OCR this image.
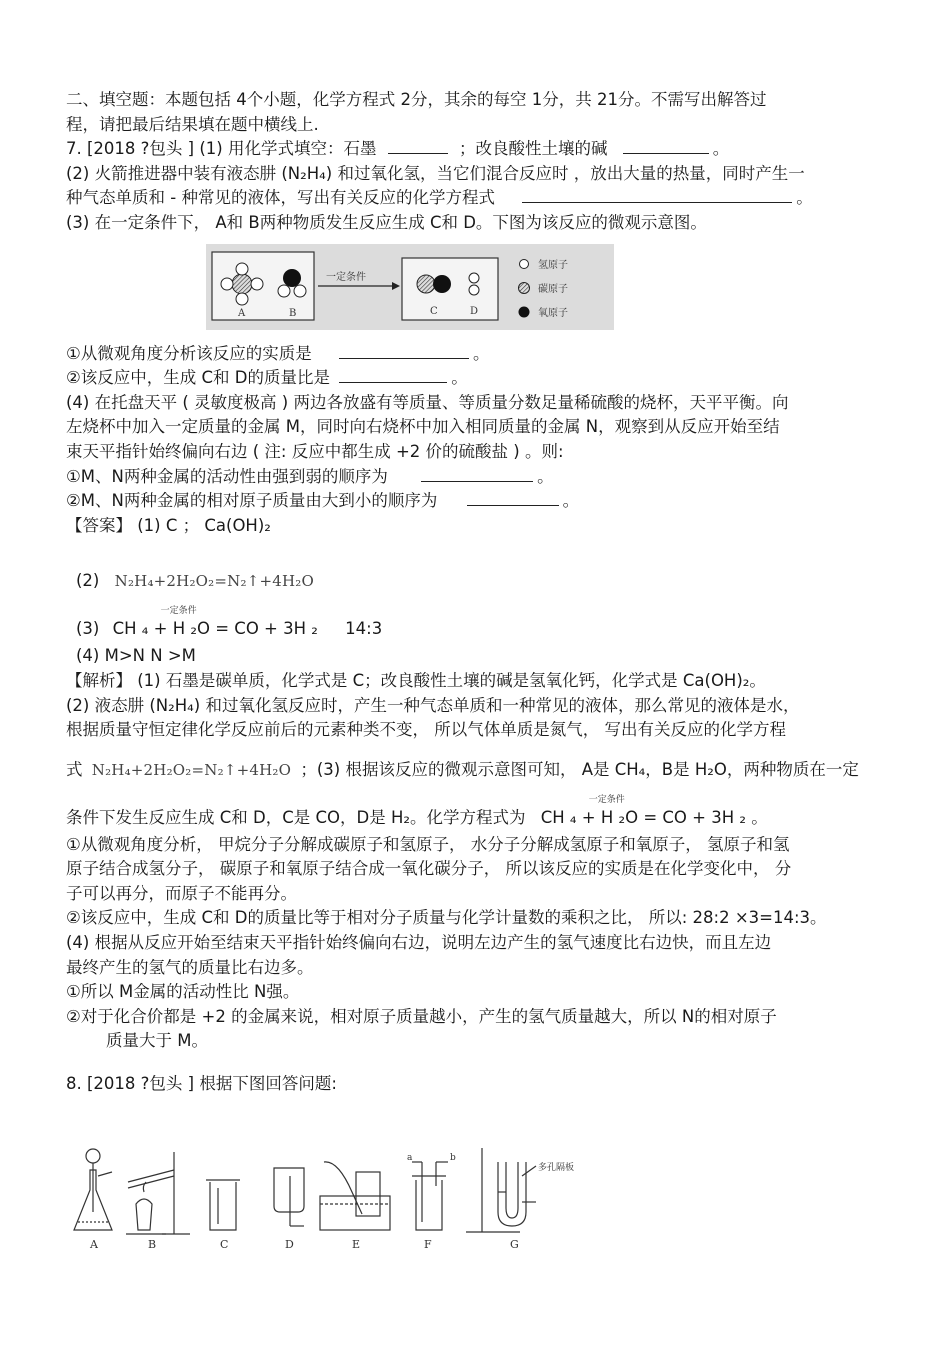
二、填空题：本题包括 4个小题，化学方程式 2分，其余的每空 1分，共 21分。不需写出解答过
程，请把最后结果填在题中横线上.
7. [2018 ?包头 ] (1) 用化学式填空：石墨	；改良酸性土壤的碱	。
(2) 火箭推进器中装有液态肼 (N₂H₄) 和过氧化氢，当它们混合反应时 ，放出大量的热量，同时产生一
种气态单质和 - 种常见的液体，写出有关反应的化学方程式	。
(3) 在一定条件下， A和 B两种物质发生反应生成 C和 D。下图为该反应的微观示意图。
①从微观角度分析该反应的实质是	。
②该反应中，生成 C和 D的质量比是	。
(4) 在托盘天平 ( 灵敏度极高 ) 两边各放盛有等质量、等质量分数足量稀硫酸的烧杯，天平平衡。向
左烧杯中加入一定质量的金属 M，同时向右烧杯中加入相同质量的金属 N，观察到从反应开始至结
束天平指针始终偏向右边 ( 注: 反应中都生成 +2 价的硫酸盐 ) 。则:
①M、N两种金属的活动性由强到弱的顺序为	。
②M、N两种金属的相对原子质量由大到小的顺序为	。
【答案】 (1) C ； Ca(OH)₂
(2) N₂H₄+2H₂O₂=N₂↑+4H₂O
(3)
一定条件
CH ₄ + H ₂O = CO + 3H ₂ 14:3
(4) M>N N >M
【解析】 (1) 石墨是碳单质，化学式是 C；改良酸性土壤的碱是氢氧化钙，化学式是 Ca(OH)₂。
(2) 液态肼 (N₂H₄) 和过氧化氢反应时，产生一种气态单质和一种常见的液体，那么常见的液体是水，
根据质量守恒定律化学反应前后的元素种类不变， 所以气体单质是氮气， 写出有关反应的化学方程
式 N₂H₄+2H₂O₂=N₂↑+4H₂O ；(3) 根据该反应的微观示意图可知， A是 CH₄，B是 H₂O，两种物质在一定
条件下发生反应生成 C和 D，C是 CO，D是 H₂。化学方程式为
一定条件
CH ₄ + H ₂O = CO + 3H ₂ 。
①从微观角度分析， 甲烷分子分解成碳原子和氢原子， 水分子分解成氢原子和氧原子， 氢原子和氢
原子结合成氢分子， 碳原子和氧原子结合成一氧化碳分子， 所以该反应的实质是在化学变化中， 分
子可以再分，而原子不能再分。
②该反应中，生成 C和 D的质量比等于相对分子质量与化学计量数的乘积之比， 所以: 28:2 ×3=14:3。
(4) 根据从反应开始至结束天平指针始终偏向右边，说明左边产生的氢气速度比右边快，而且左边
最终产生的氢气的质量比右边多。
①所以 M金属的活动性比 N强。
②对于化合价都是 +2 的金属来说，相对原子质量越小，产生的氢气质量越大，所以 N的相对原子
质量大于 M。
8. [2018 ?包头 ] 根据下图回答问题:
A	B
一定条件
C	D
氢原子
碳原子
氧原子
A	B	C	D	E	F	G
a	b
多孔隔板
